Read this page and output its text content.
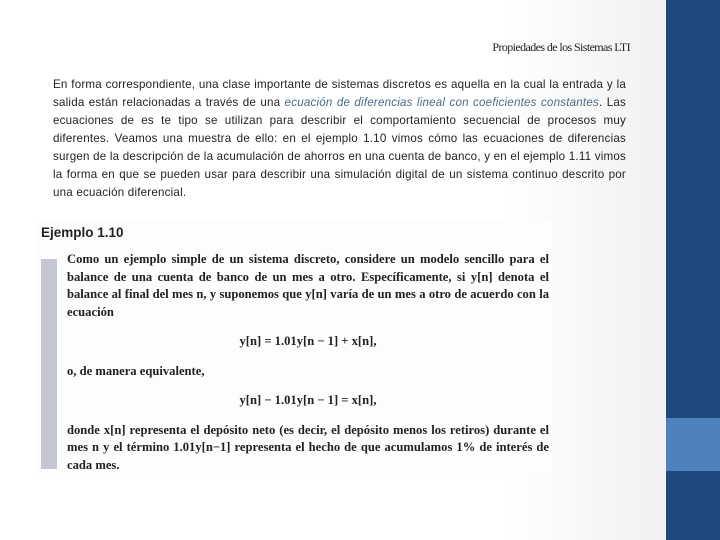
Propiedades de los Sistemas LTI
En forma correspondiente, una clase importante de sistemas discretos es aquella en la cual la entrada y la salida están relacionadas a través de una ecuación de diferencias lineal con coeficientes constantes. Las ecuaciones de es te tipo se utilizan para describir el comportamiento secuencial de procesos muy diferentes. Veamos una muestra de ello: en el ejemplo 1.10 vimos cómo las ecuaciones de diferencias surgen de la descripción de la acumulación de ahorros en una cuenta de banco, y en el ejemplo 1.11 vimos la forma en que se pueden usar para describir una simulación digital de un sistema continuo descrito por una ecuación diferencial.
Ejemplo 1.10

Como un ejemplo simple de un sistema discreto, considere un modelo sencillo para el balance de una cuenta de banco de un mes a otro. Específicamente, si y[n] denota el balance al final del mes n, y suponemos que y[n] varía de un mes a otro de acuerdo con la ecuación

y[n] = 1.01y[n − 1] + x[n],

o, de manera equivalente,

y[n] − 1.01y[n − 1] = x[n],

donde x[n] representa el depósito neto (es decir, el depósito menos los retiros) durante el mes n y el término 1.01y[n−1] representa el hecho de que acumulamos 1% de interés de cada mes.
